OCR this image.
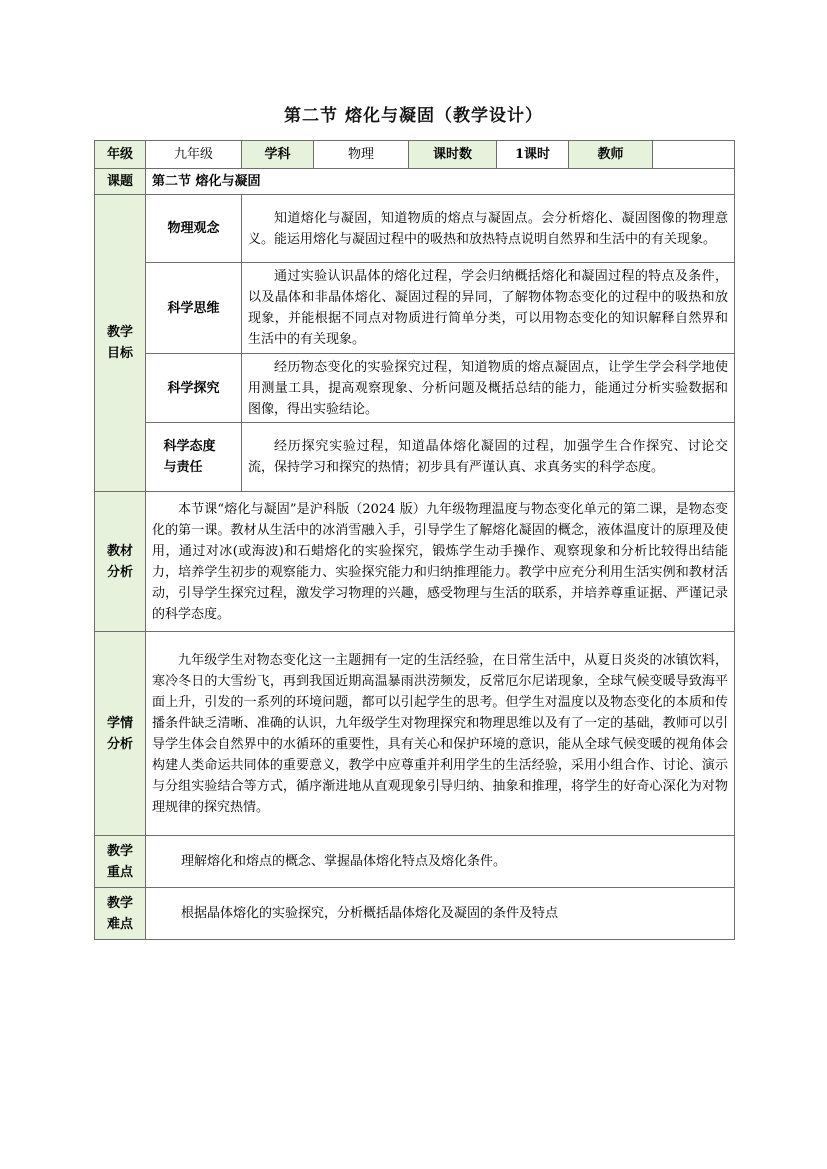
第二节 熔化与凝固（教学设计）
年级	九年级	学科	物理	课时数	1课时	教师	
课题	第二节 熔化与凝固						
教学目标	物理观念	知道熔化与凝固，知道物质的熔点与凝固点。会分析熔化、凝固图像的物理意义。能运用熔化与凝固过程中的吸热和放热特点说明自然界和生活中的有关现象。					
	科学思维	通过实验认识晶体的熔化过程，学会归纳概括熔化和凝固过程的特点及条件，以及晶体和非晶体熔化、凝固过程的异同，了解物体物态变化的过程中的吸热和放现象，并能根据不同点对物质进行简单分类，可以用物态变化的知识解释自然界和生活中的有关现象。					
	科学探究	经历物态变化的实验探究过程，知道物质的熔点凝固点，让学生学会科学地使用测量工具，提高观察现象、分析问题及概括总结的能力，能通过分析实验数据和图像，得出实验结论。					
	科学态度与责任	经历探究实验过程，知道晶体熔化凝固的过程，加强学生合作探究、讨论交流，保持学习和探究的热情；初步具有严谨认真、求真务实的科学态度。					
教材分析	本节课“熔化与凝固”是沪科版（2024 版）九年级物理温度与物态变化单元的第二课，是物态变化的第一课。教材从生活中的冰消雪融入手，引导学生了解熔化凝固的概念，液体温度计的原理及使用，通过对冰(或海波)和石蜡熔化的实验探究，锻炼学生动手操作、观察现象和分析比较得出结能力，培养学生初步的观察能力、实验探究能力和归纳推理能力。教学中应充分利用生活实例和教材活动，引导学生探究过程，激发学习物理的兴趣，感受物理与生活的联系，并培养尊重证据、严谨记录的科学态度。						
学情分析	九年级学生对物态变化这一主题拥有一定的生活经验，在日常生活中，从夏日炎炎的冰镇饮料，寒冷冬日的大雪纷飞，再到我国近期高温暴雨洪涝频发，反常厄尔尼诺现象，全球气候变暖导致海平面上升，引发的一系列的环境问题，都可以引起学生的思考。但学生对温度以及物态变化的本质和传播条件缺乏清晰、准确的认识，九年级学生对物理探究和物理思维以及有了一定的基础，教师可以引导学生体会自然界中的水循环的重要性，具有关心和保护环境的意识，能从全球气候变暖的视角体会构建人类命运共同体的重要意义，教学中应尊重并利用学生的生活经验，采用小组合作、讨论、演示与分组实验结合等方式，循序渐进地从直观现象引导归纳、抽象和推理，将学生的好奇心深化为对物理规律的探究热情。						
教学重点	理解熔化和熔点的概念、掌握晶体熔化特点及熔化条件。						
教学难点	根据晶体熔化的实验探究，分析概括晶体熔化及凝固的条件及特点						
